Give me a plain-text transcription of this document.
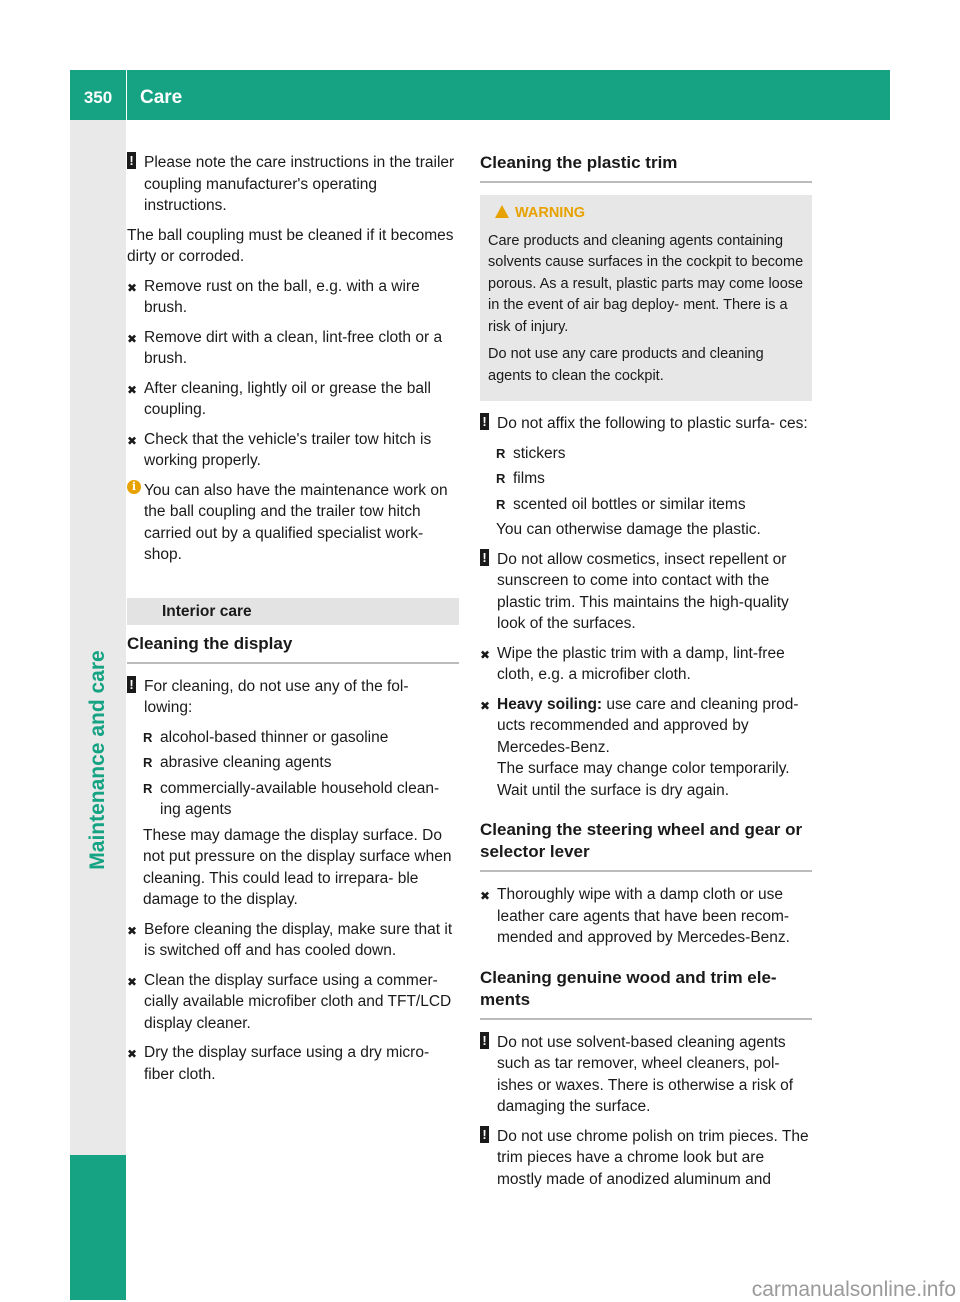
350	Care
Maintenance and care
! Please note the care instructions in the trailer coupling manufacturer's operating instructions.

The ball coupling must be cleaned if it becomes dirty or corroded.

✖ Remove rust on the ball, e.g. with a wire brush.
✖ Remove dirt with a clean, lint-free cloth or a brush.
✖ After cleaning, lightly oil or grease the ball coupling.
✖ Check that the vehicle's trailer tow hitch is working properly.
i You can also have the maintenance work on the ball coupling and the trailer tow hitch carried out by a qualified specialist work- shop.
Interior care
Cleaning the display
! For cleaning, do not use any of the fol- lowing:
R alcohol-based thinner or gasoline
R abrasive cleaning agents
R commercially-available household clean- ing agents

These may damage the display surface. Do not put pressure on the display surface when cleaning. This could lead to irrepara- ble damage to the display.

✖ Before cleaning the display, make sure that it is switched off and has cooled down.
✖ Clean the display surface using a commer- cially available microfiber cloth and TFT/LCD display cleaner.
✖ Dry the display surface using a dry micro- fiber cloth.
Cleaning the plastic trim
WARNING

Care products and cleaning agents containing solvents cause surfaces in the cockpit to become porous. As a result, plastic parts may come loose in the event of air bag deploy- ment. There is a risk of injury.

Do not use any care products and cleaning agents to clean the cockpit.

! Do not affix the following to plastic surfa- ces:
R stickers
R films
R scented oil bottles or similar items

You can otherwise damage the plastic.

! Do not allow cosmetics, insect repellent or sunscreen to come into contact with the plastic trim. This maintains the high-quality look of the surfaces.
✖ Wipe the plastic trim with a damp, lint-free cloth, e.g. a microfiber cloth.
✖ Heavy soiling: use care and cleaning prod- ucts recommended and approved by Mercedes-Benz.
The surface may change color temporarily. Wait until the surface is dry again.
Cleaning the steering wheel and gear or selector lever
✖ Thoroughly wipe with a damp cloth or use leather care agents that have been recom- mended and approved by Mercedes-Benz.
Cleaning genuine wood and trim ele- ments
! Do not use solvent-based cleaning agents such as tar remover, wheel cleaners, pol- ishes or waxes. There is otherwise a risk of damaging the surface.
! Do not use chrome polish on trim pieces. The trim pieces have a chrome look but are mostly made of anodized aluminum and
carmanualsonline.info
